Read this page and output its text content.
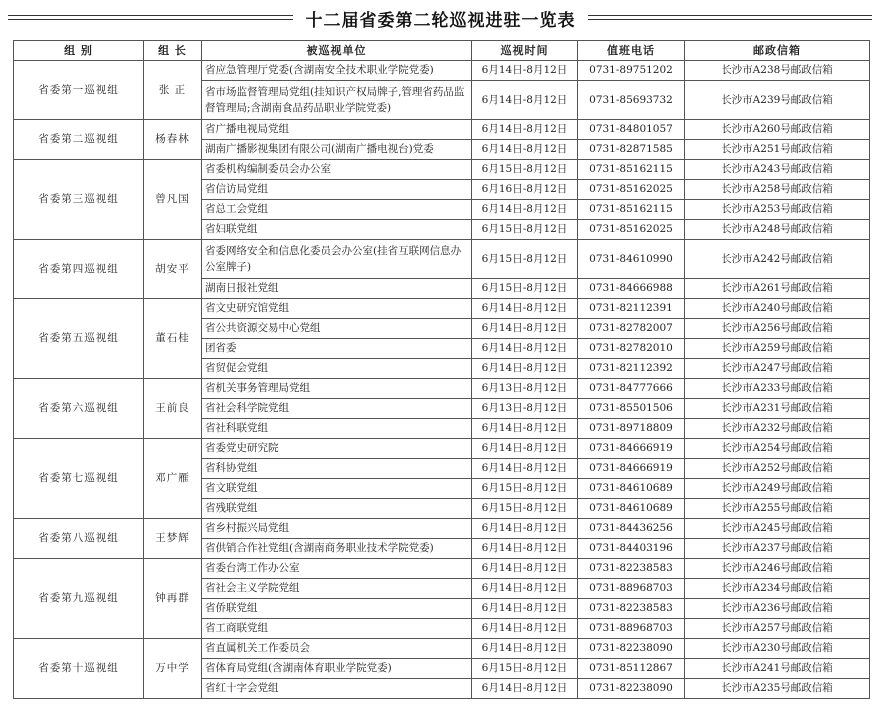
十二届省委第二轮巡视进驻一览表
组 别	组 长	被巡视单位	巡视时间	值班电话	邮政信箱
省委第一巡视组	张 正	省应急管理厅党委(含湖南安全技术职业学院党委)	6月14日-8月12日	0731-89751202	长沙市A238号邮政信箱
		省市场监督管理局党组(挂知识产权局牌子,管理省药品监督管理局;含湖南食品药品职业学院党委)	6月14日-8月12日	0731-85693732	长沙市A239号邮政信箱
省委第二巡视组	杨春林	省广播电视局党组	6月14日-8月12日	0731-84801057	长沙市A260号邮政信箱
		湖南广播影视集团有限公司(湖南广播电视台)党委	6月14日-8月12日	0731-82871585	长沙市A251号邮政信箱
省委第三巡视组	曾凡国	省委机构编制委员会办公室	6月15日-8月12日	0731-85162115	长沙市A243号邮政信箱
		省信访局党组	6月16日-8月12日	0731-85162025	长沙市A258号邮政信箱
		省总工会党组	6月14日-8月12日	0731-85162115	长沙市A253号邮政信箱
		省妇联党组	6月15日-8月12日	0731-85162025	长沙市A248号邮政信箱
省委第四巡视组	胡安平	省委网络安全和信息化委员会办公室(挂省互联网信息办公室牌子)	6月15日-8月12日	0731-84610990	长沙市A242号邮政信箱
		湖南日报社党组	6月15日-8月12日	0731-84666988	长沙市A261号邮政信箱
省委第五巡视组	董石桂	省文史研究馆党组	6月14日-8月12日	0731-82112391	长沙市A240号邮政信箱
		省公共资源交易中心党组	6月14日-8月12日	0731-82782007	长沙市A256号邮政信箱
		团省委	6月14日-8月12日	0731-82782010	长沙市A259号邮政信箱
		省贸促会党组	6月14日-8月12日	0731-82112392	长沙市A247号邮政信箱
省委第六巡视组	王前良	省机关事务管理局党组	6月13日-8月12日	0731-84777666	长沙市A233号邮政信箱
		省社会科学院党组	6月13日-8月12日	0731-85501506	长沙市A231号邮政信箱
		省社科联党组	6月14日-8月12日	0731-89718809	长沙市A232号邮政信箱
省委第七巡视组	邓广雁	省委党史研究院	6月14日-8月12日	0731-84666919	长沙市A254号邮政信箱
		省科协党组	6月14日-8月12日	0731-84666919	长沙市A252号邮政信箱
		省文联党组	6月15日-8月12日	0731-84610689	长沙市A249号邮政信箱
		省残联党组	6月15日-8月12日	0731-84610689	长沙市A255号邮政信箱
省委第八巡视组	王梦辉	省乡村振兴局党组	6月14日-8月12日	0731-84436256	长沙市A245号邮政信箱
		省供销合作社党组(含湖南商务职业技术学院党委)	6月14日-8月12日	0731-84403196	长沙市A237号邮政信箱
省委第九巡视组	钟再群	省委台湾工作办公室	6月14日-8月12日	0731-82238583	长沙市A246号邮政信箱
		省社会主义学院党组	6月14日-8月12日	0731-88968703	长沙市A234号邮政信箱
		省侨联党组	6月14日-8月12日	0731-82238583	长沙市A236号邮政信箱
		省工商联党组	6月14日-8月12日	0731-88968703	长沙市A257号邮政信箱
省委第十巡视组	万中学	省直属机关工作委员会	6月14日-8月12日	0731-82238090	长沙市A230号邮政信箱
		省体育局党组(含湖南体育职业学院党委)	6月15日-8月12日	0731-85112867	长沙市A241号邮政信箱
		省红十字会党组	6月14日-8月12日	0731-82238090	长沙市A235号邮政信箱
